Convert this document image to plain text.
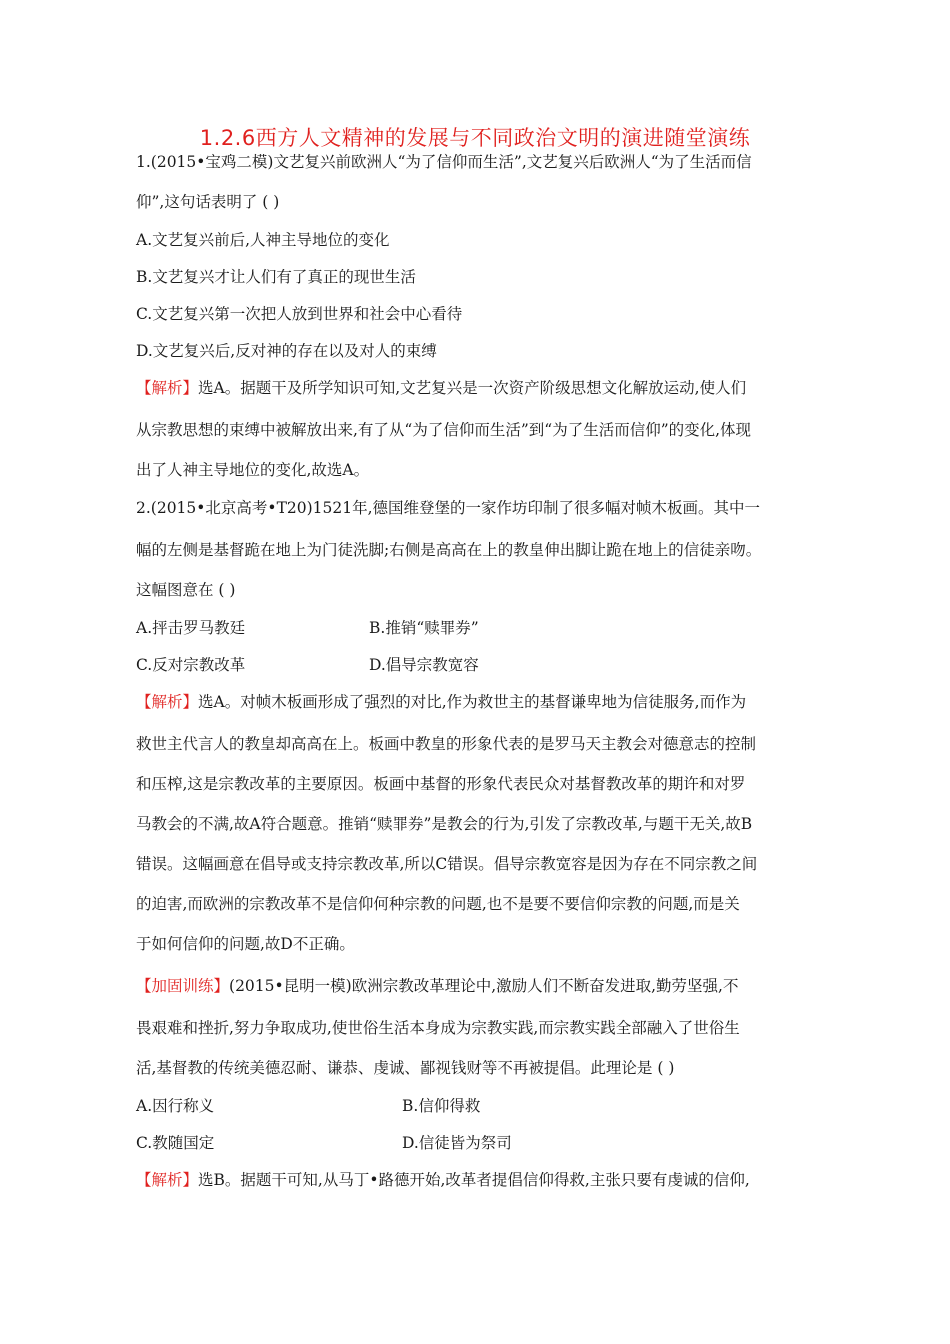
1.2.6西方人文精神的发展与不同政治文明的演进随堂演练
1.(2015•宝鸡二模)文艺复兴前欧洲人“为了信仰而生活”,文艺复兴后欧洲人“为了生活而信
仰”,这句话表明了 ( )
A.文艺复兴前后,人神主导地位的变化
B.文艺复兴才让人们有了真正的现世生活
C.文艺复兴第一次把人放到世界和社会中心看待
D.文艺复兴后,反对神的存在以及对人的束缚
【解析】选A。据题干及所学知识可知,文艺复兴是一次资产阶级思想文化解放运动,使人们
从宗教思想的束缚中被解放出来,有了从“为了信仰而生活”到“为了生活而信仰”的变化,体现
出了人神主导地位的变化,故选A。
2.(2015•北京高考•T20)1521年,德国维登堡的一家作坊印制了很多幅对帧木板画。其中一
幅的左侧是基督跪在地上为门徒洗脚;右侧是高高在上的教皇伸出脚让跪在地上的信徒亲吻。
这幅图意在 ( )
A.抨击罗马教廷	B.推销“赎罪券”
C.反对宗教改革	D.倡导宗教宽容
【解析】选A。对帧木板画形成了强烈的对比,作为救世主的基督谦卑地为信徒服务,而作为
救世主代言人的教皇却高高在上。板画中教皇的形象代表的是罗马天主教会对德意志的控制
和压榨,这是宗教改革的主要原因。板画中基督的形象代表民众对基督教改革的期许和对罗
马教会的不满,故A符合题意。推销“赎罪券”是教会的行为,引发了宗教改革,与题干无关,故B
错误。这幅画意在倡导或支持宗教改革,所以C错误。倡导宗教宽容是因为存在不同宗教之间
的迫害,而欧洲的宗教改革不是信仰何种宗教的问题,也不是要不要信仰宗教的问题,而是关
于如何信仰的问题,故D不正确。
【加固训练】(2015•昆明一模)欧洲宗教改革理论中,激励人们不断奋发进取,勤劳坚强,不
畏艰难和挫折,努力争取成功,使世俗生活本身成为宗教实践,而宗教实践全部融入了世俗生
活,基督教的传统美德忍耐、谦恭、虔诚、鄙视钱财等不再被提倡。此理论是 ( )
A.因行称义	B.信仰得救
C.教随国定	D.信徒皆为祭司
【解析】选B。据题干可知,从马丁•路德开始,改革者提倡信仰得救,主张只要有虔诚的信仰,
